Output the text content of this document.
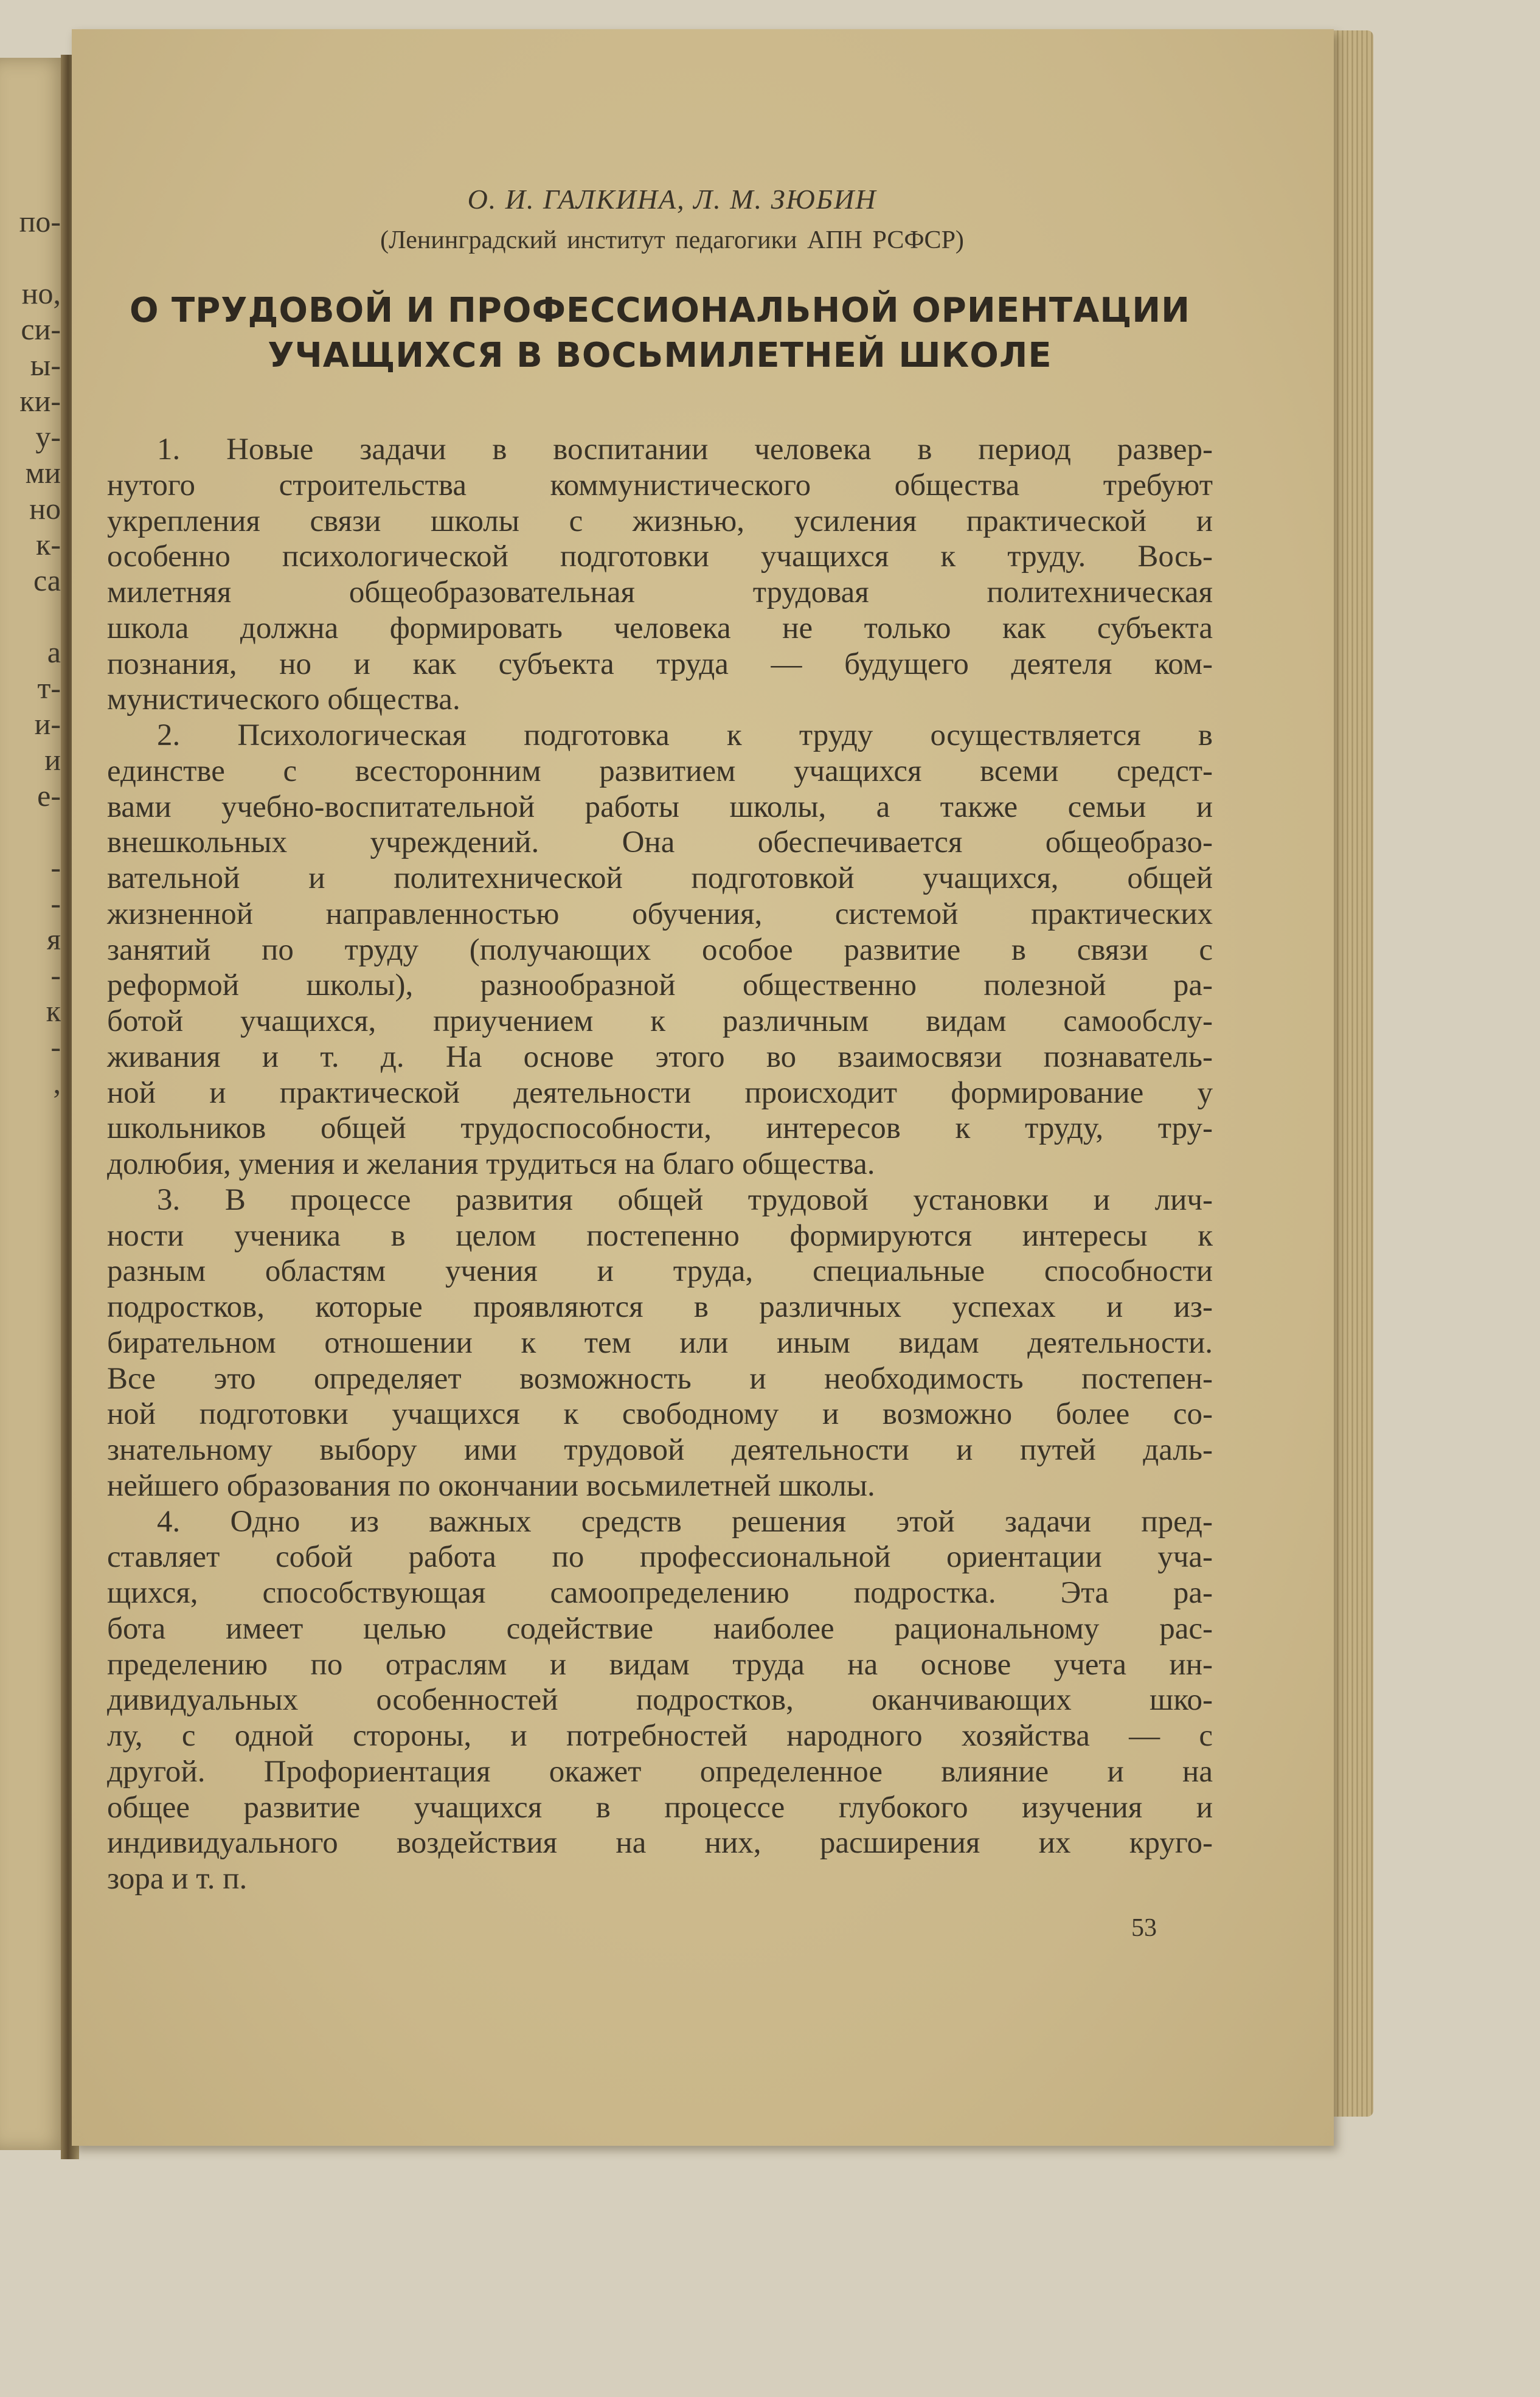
по-
но,
си-
ы-
ки-
у-
ми
но
к-
са
а
т-
и-
и
е-
-
-
я
-
к
-
,
О. И. ГАЛКИНА, Л. М. ЗЮБИН
(Ленинградский институт педагогики АПН РСФСР)
О ТРУДОВОЙ И ПРОФЕССИОНАЛЬНОЙ ОРИЕНТАЦИИ
УЧАЩИХСЯ В ВОСЬМИЛЕТНЕЙ ШКОЛЕ
1. Новые задачи в воспитании человека в период развер-
нутого строительства коммунистического общества требуют
укрепления связи школы с жизнью, усиления практической и
особенно психологической подготовки учащихся к труду. Вось-
милетняя общеобразовательная трудовая политехническая
школа должна формировать человека не только как субъекта
познания, но и как субъекта труда — будущего деятеля ком-
мунистического общества.
2. Психологическая подготовка к труду осуществляется в
единстве с всесторонним развитием учащихся всеми средст-
вами учебно-воспитательной работы школы, а также семьи и
внешкольных учреждений. Она обеспечивается общеобразо-
вательной и политехнической подготовкой учащихся, общей
жизненной направленностью обучения, системой практических
занятий по труду (получающих особое развитие в связи с
реформой школы), разнообразной общественно полезной ра-
ботой учащихся, приучением к различным видам самообслу-
живания и т. д. На основе этого во взаимосвязи познаватель-
ной и практической деятельности происходит формирование у
школьников общей трудоспособности, интересов к труду, тру-
долюбия, умения и желания трудиться на благо общества.
3. В процессе развития общей трудовой установки и лич-
ности ученика в целом постепенно формируются интересы к
разным областям учения и труда, специальные способности
подростков, которые проявляются в различных успехах и из-
бирательном отношении к тем или иным видам деятельности.
Все это определяет возможность и необходимость постепен-
ной подготовки учащихся к свободному и возможно более со-
знательному выбору ими трудовой деятельности и путей даль-
нейшего образования по окончании восьмилетней школы.
4. Одно из важных средств решения этой задачи пред-
ставляет собой работа по профессиональной ориентации уча-
щихся, способствующая самоопределению подростка. Эта ра-
бота имеет целью содействие наиболее рациональному рас-
пределению по отраслям и видам труда на основе учета ин-
дивидуальных особенностей подростков, оканчивающих шко-
лу, с одной стороны, и потребностей народного хозяйства — с
другой. Профориентация окажет определенное влияние и на
общее развитие учащихся в процессе глубокого изучения и
индивидуального воздействия на них, расширения их круго-
зора и т. п.
53
